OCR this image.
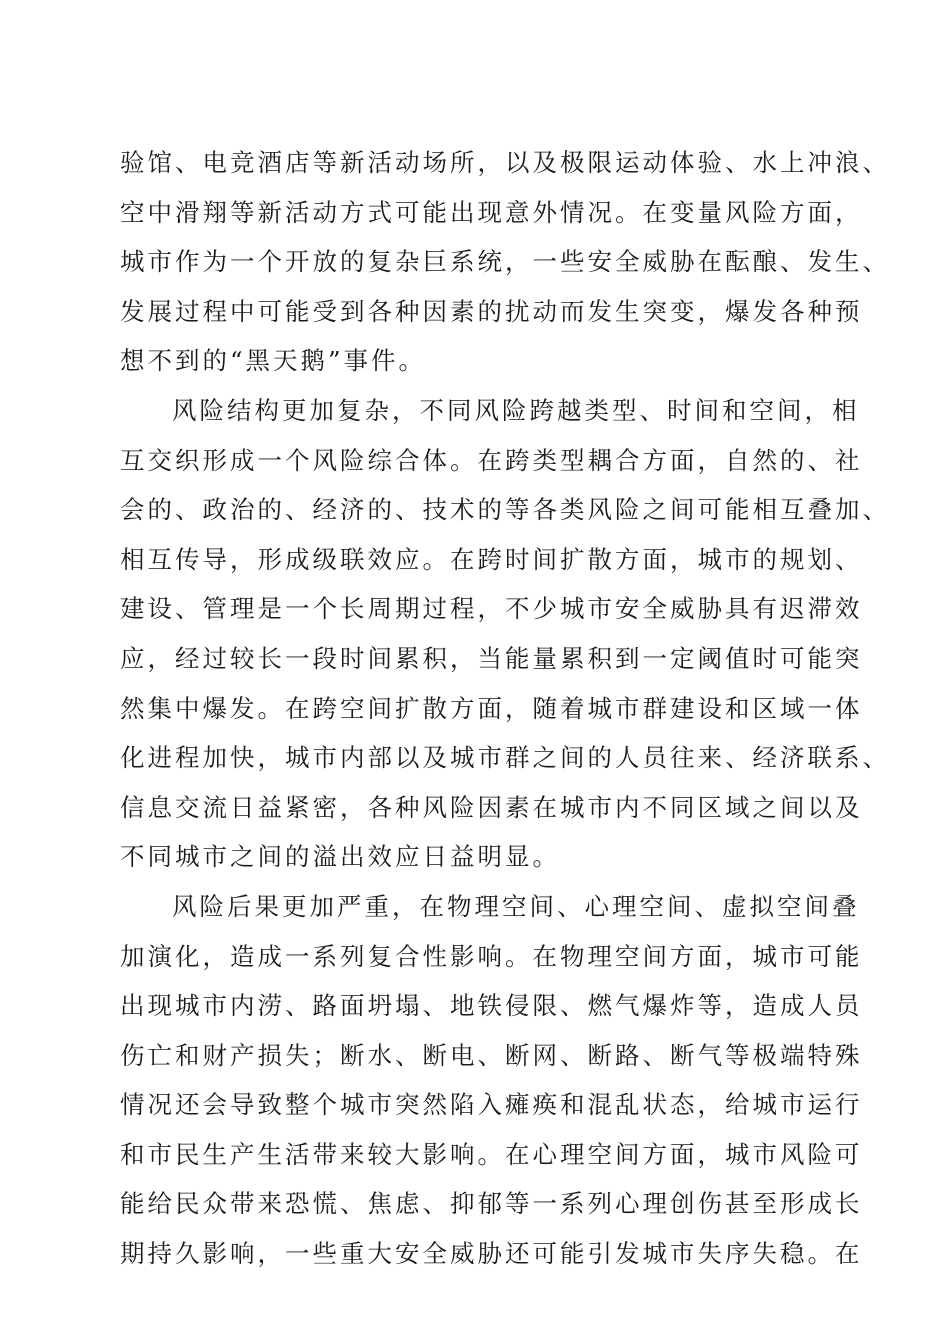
验馆、电竞酒店等新活动场所，以及极限运动体验、水上冲浪、
空中滑翔等新活动方式可能出现意外情况。在变量风险方面，
城市作为一个开放的复杂巨系统，一些安全威胁在酝酿、发生、
发展过程中可能受到各种因素的扰动而发生突变，爆发各种预
想不到的“黑天鹅”事件。
风险结构更加复杂，不同风险跨越类型、时间和空间，相
互交织形成一个风险综合体。在跨类型耦合方面，自然的、社
会的、政治的、经济的、技术的等各类风险之间可能相互叠加、
相互传导，形成级联效应。在跨时间扩散方面，城市的规划、
建设、管理是一个长周期过程，不少城市安全威胁具有迟滞效
应，经过较长一段时间累积，当能量累积到一定阈值时可能突
然集中爆发。在跨空间扩散方面，随着城市群建设和区域一体
化进程加快，城市内部以及城市群之间的人员往来、经济联系、
信息交流日益紧密，各种风险因素在城市内不同区域之间以及
不同城市之间的溢出效应日益明显。
风险后果更加严重，在物理空间、心理空间、虚拟空间叠
加演化，造成一系列复合性影响。在物理空间方面，城市可能
出现城市内涝、路面坍塌、地铁侵限、燃气爆炸等，造成人员
伤亡和财产损失；断水、断电、断网、断路、断气等极端特殊
情况还会导致整个城市突然陷入瘫痪和混乱状态，给城市运行
和市民生产生活带来较大影响。在心理空间方面，城市风险可
能给民众带来恐慌、焦虑、抑郁等一系列心理创伤甚至形成长
期持久影响，一些重大安全威胁还可能引发城市失序失稳。在
